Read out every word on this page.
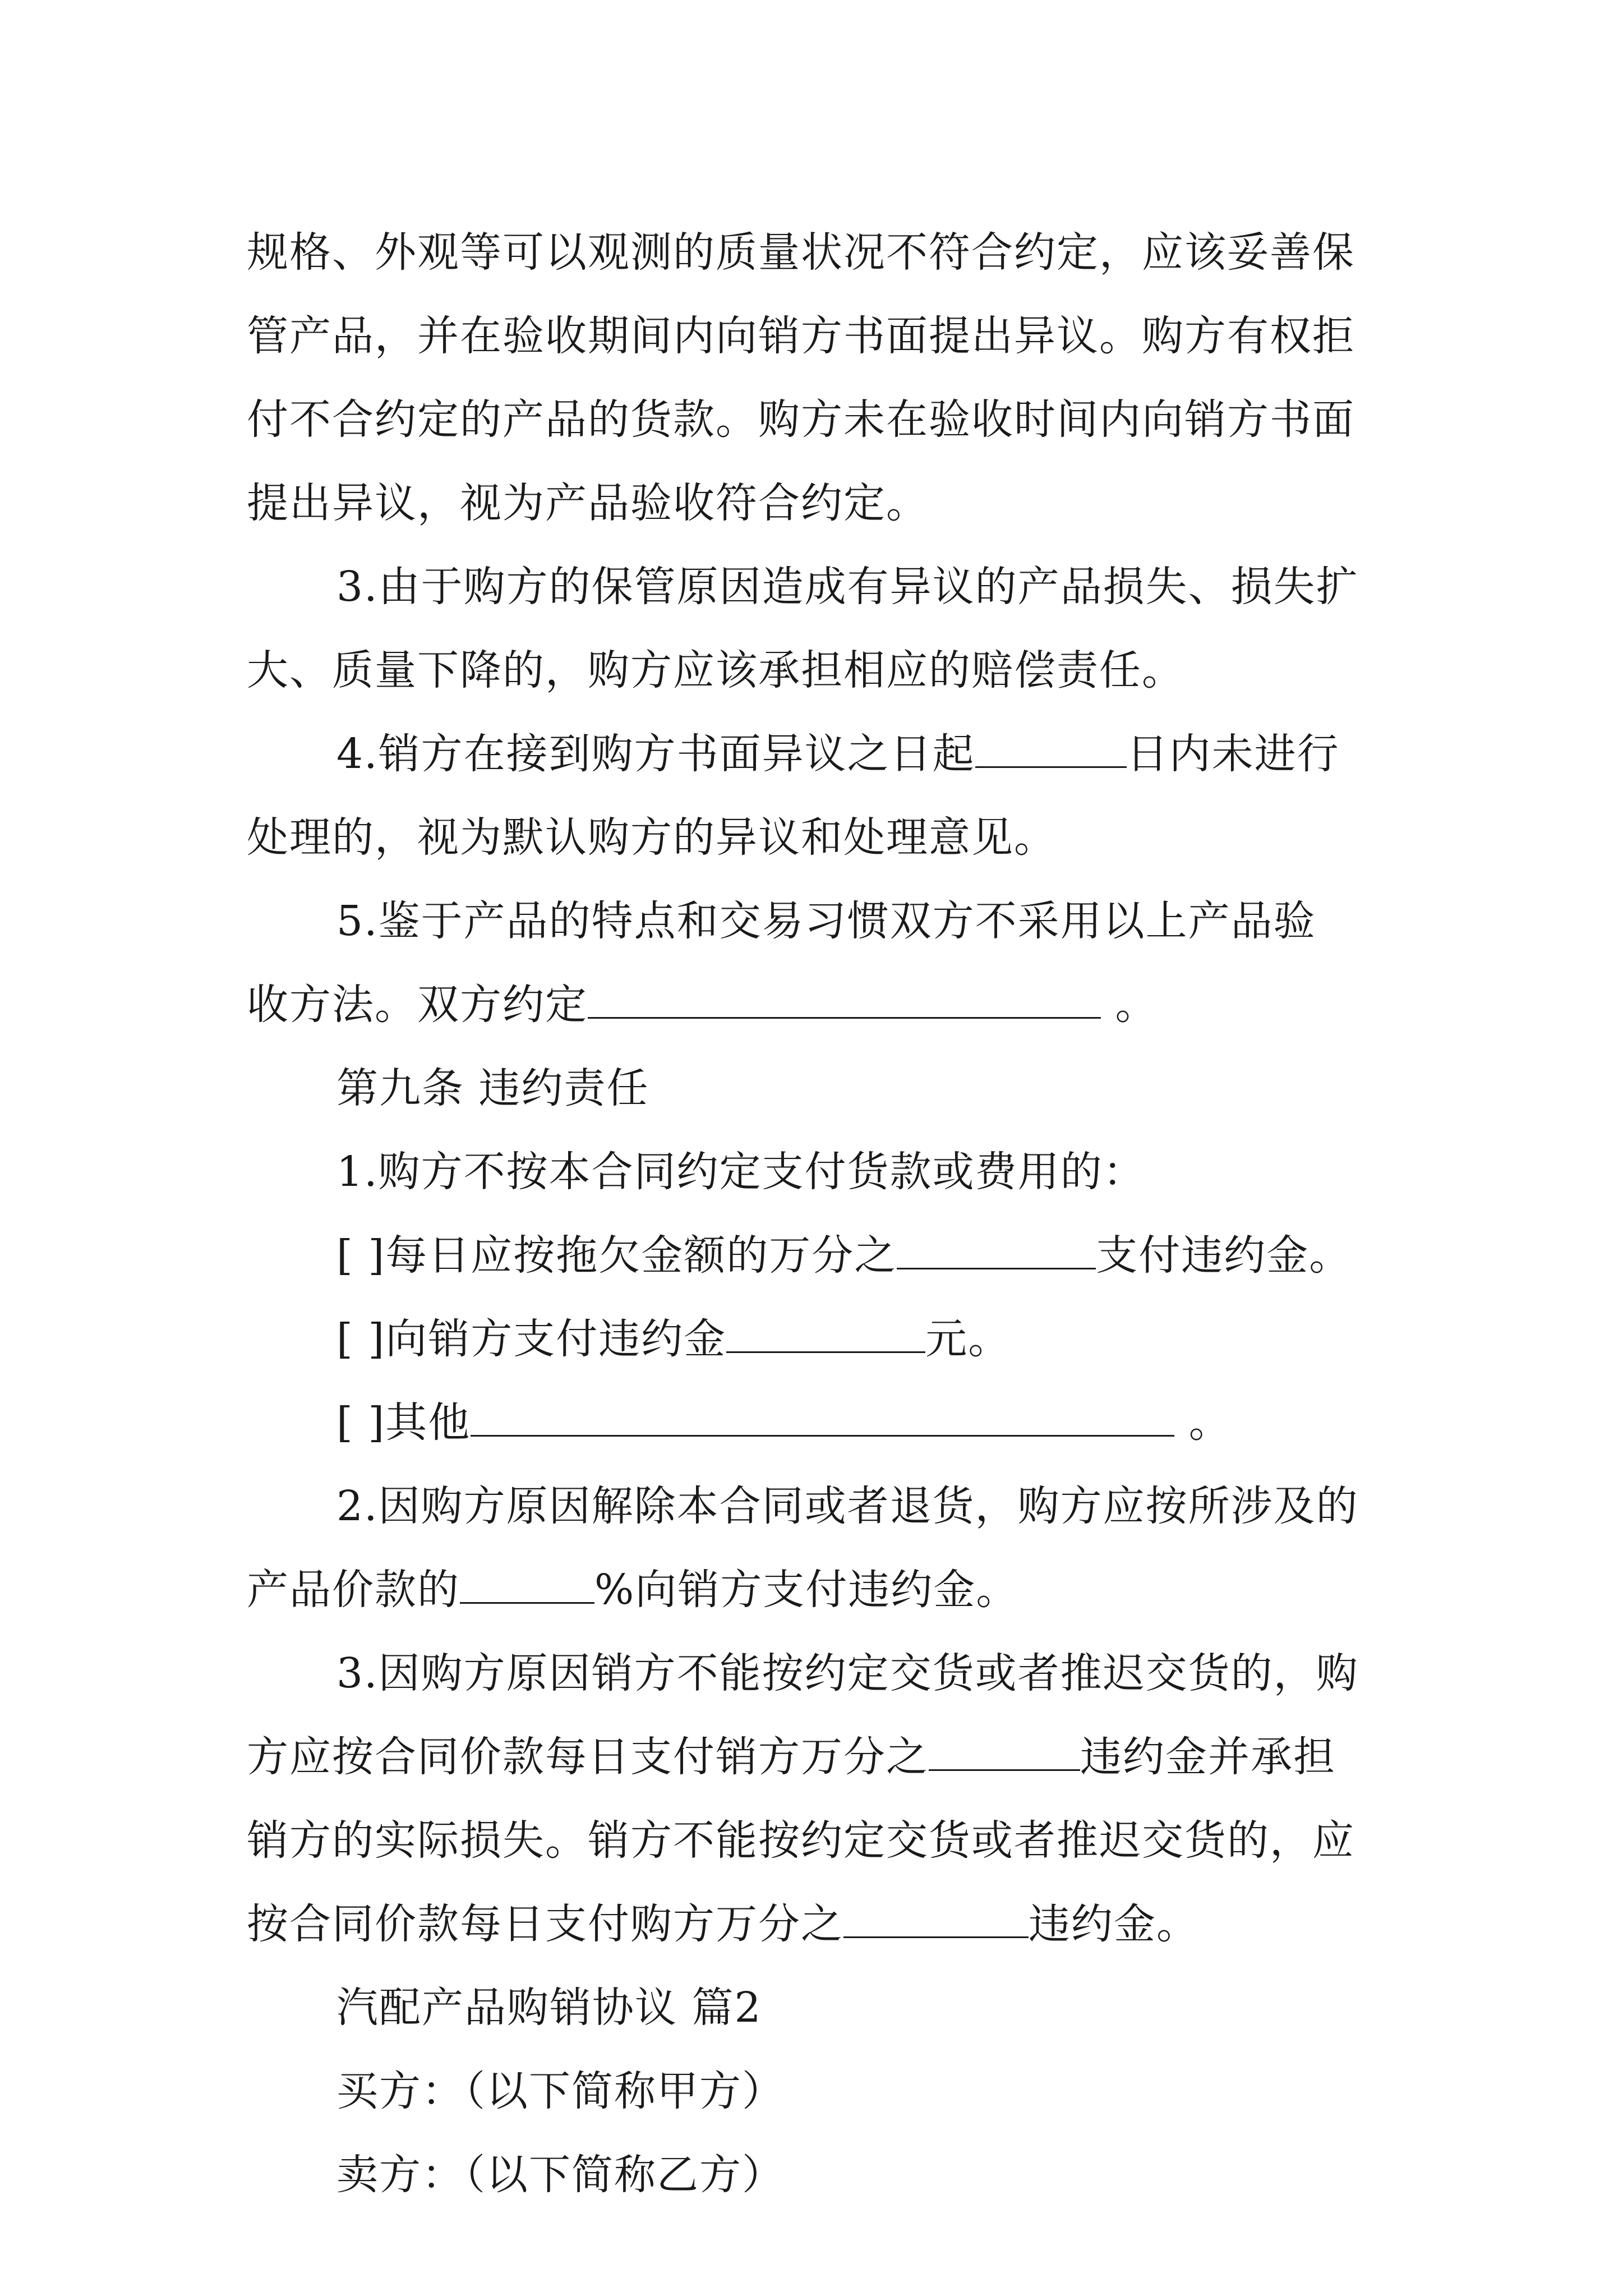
规格、外观等可以观测的质量状况不符合约定，应该妥善保
管产品，并在验收期间内向销方书面提出异议。购方有权拒
付不合约定的产品的货款。购方未在验收时间内向销方书面
提出异议，视为产品验收符合约定。
3.由于购方的保管原因造成有异议的产品损失、损失扩
大、质量下降的，购方应该承担相应的赔偿责任。
4.销方在接到购方书面异议之日起	日内未进行
处理的，视为默认购方的异议和处理意见。
5.鉴于产品的特点和交易习惯双方不采用以上产品验
收方法。双方约定	。
第九条 违约责任
1.购方不按本合同约定支付货款或费用的：
[ ]每日应按拖欠金额的万分之	支付违约金。
[ ]向销方支付违约金	元。
[ ]其他	。
2.因购方原因解除本合同或者退货，购方应按所涉及的
产品价款的	%向销方支付违约金。
3.因购方原因销方不能按约定交货或者推迟交货的，购
方应按合同价款每日支付销方万分之	违约金并承担
销方的实际损失。销方不能按约定交货或者推迟交货的，应
按合同价款每日支付购方万分之	违约金。
汽配产品购销协议 篇2
买方：（以下简称甲方）
卖方：（以下简称乙方）
